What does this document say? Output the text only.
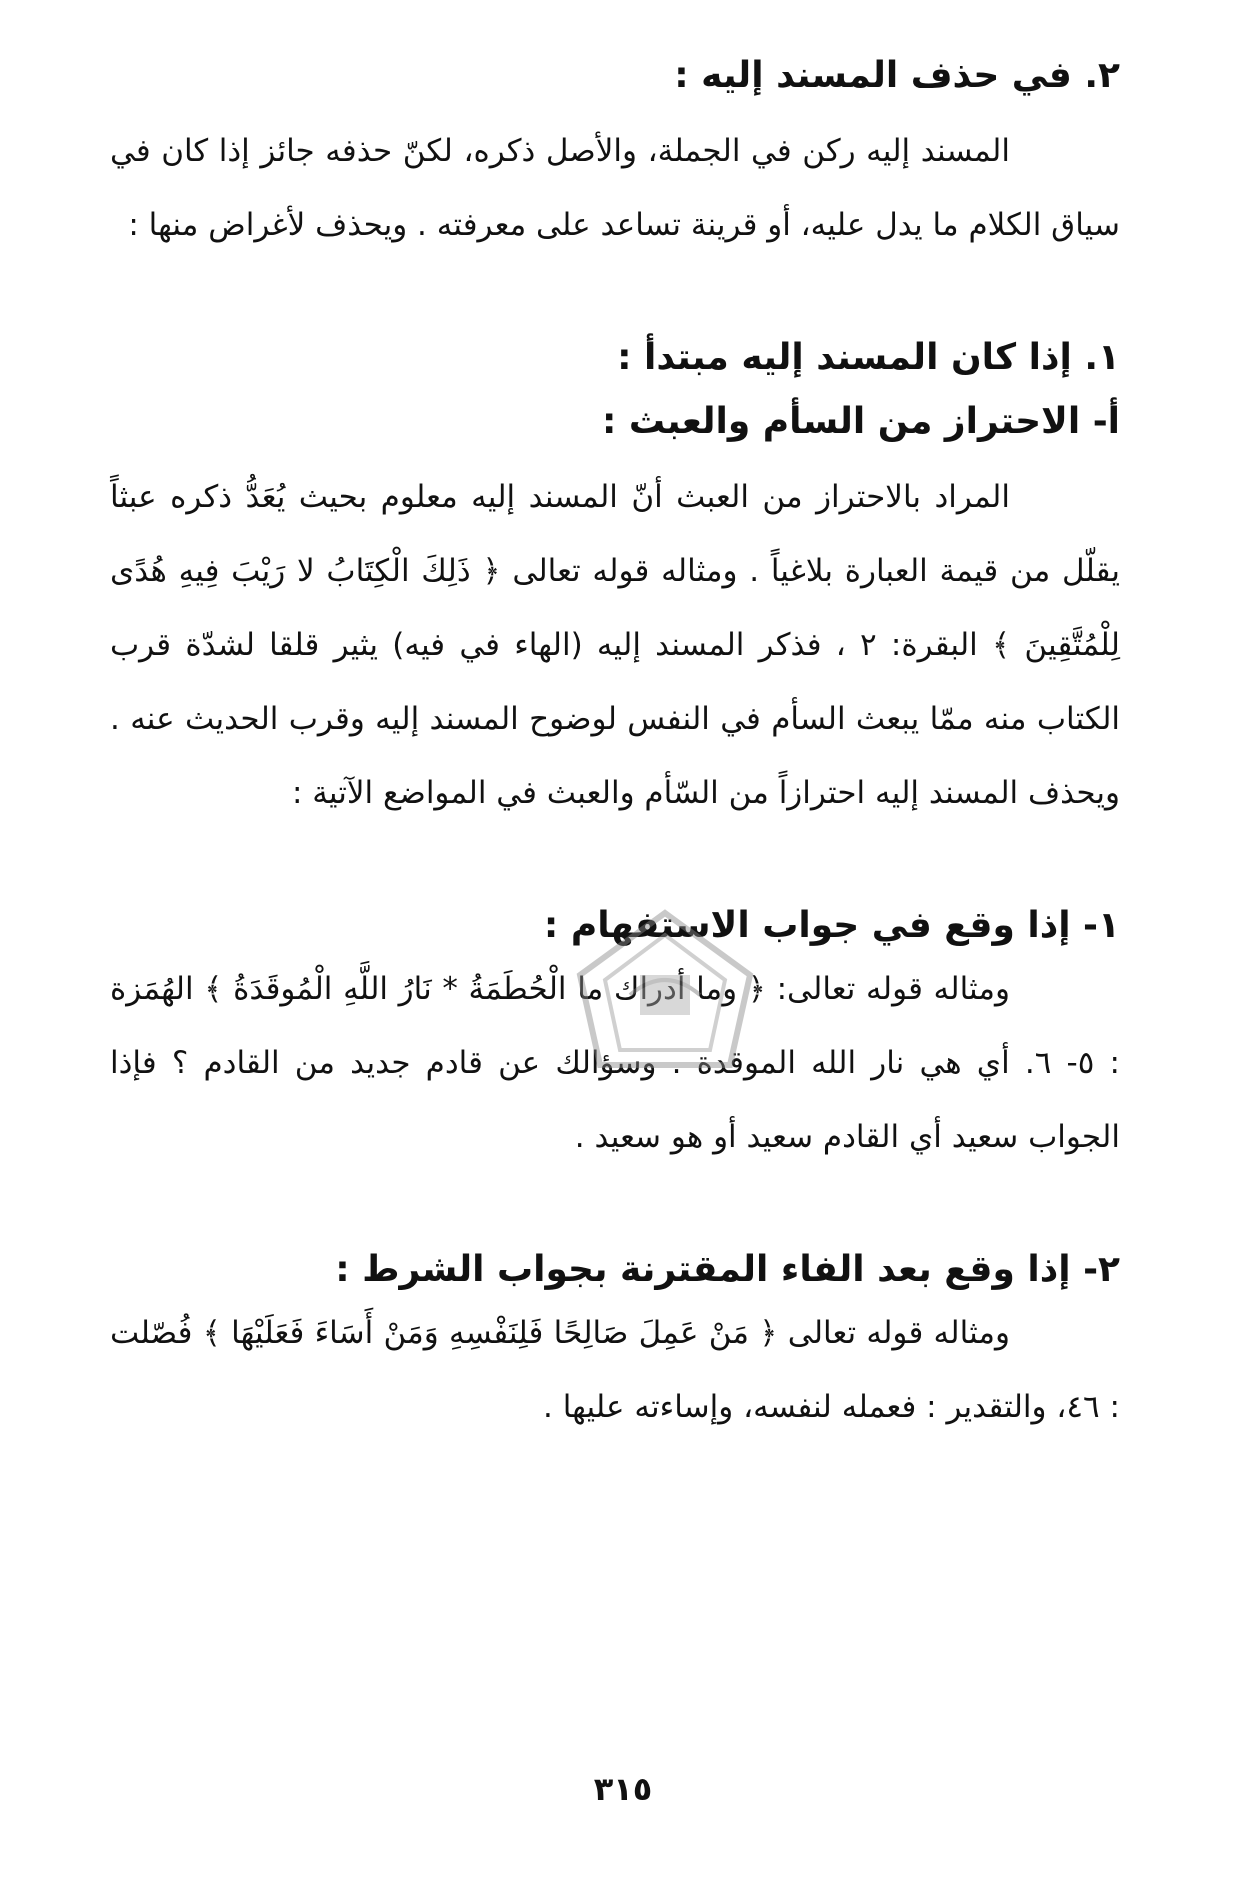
٢. في حذف المسند إليه :

المسند إليه ركن في الجملة، والأصل ذكره، لكنّ حذفه جائز إذا كان في سياق الكلام ما يدل عليه، أو قرينة تساعد على معرفته . ويحذف لأغراض منها :

١. إذا كان المسند إليه مبتدأ :
أ- الاحتراز من السأم والعبث :

المراد بالاحتراز من العبث أنّ المسند إليه معلوم بحيث يُعَدُّ ذكره عبثاً يقلّل من قيمة العبارة بلاغياً . ومثاله قوله تعالى ﴿ ذَلِكَ الْكِتَابُ لا رَيْبَ فِيهِ هُدًى لِلْمُتَّقِينَ ﴾ البقرة: ٢ ، فذكر المسند إليه (الهاء في فيه) يثير قلقا لشدّة قرب الكتاب منه ممّا يبعث السأم في النفس لوضوح المسند إليه وقرب الحديث عنه . ويحذف المسند إليه احترازاً من السّأم والعبث في المواضع الآتية :

١- إذا وقع في جواب الاستفهام :

ومثاله قوله تعالى: ﴿ وما أدراك ما الْحُطَمَةُ * نَارُ اللَّهِ الْمُوقَدَةُ ﴾ الهُمَزة : ٥- ٦. أي هي نار الله الموقدة . وسؤالك عن قادم جديد من القادم ؟ فإذا الجواب سعيد أي القادم سعيد أو هو سعيد .

٢- إذا وقع بعد الفاء المقترنة بجواب الشرط :

ومثاله قوله تعالى ﴿ مَنْ عَمِلَ صَالِحًا فَلِنَفْسِهِ وَمَنْ أَسَاءَ فَعَلَيْهَا ﴾ فُصّلت : ٤٦، والتقدير : فعمله لنفسه، وإساءته عليها .

٣١٥
